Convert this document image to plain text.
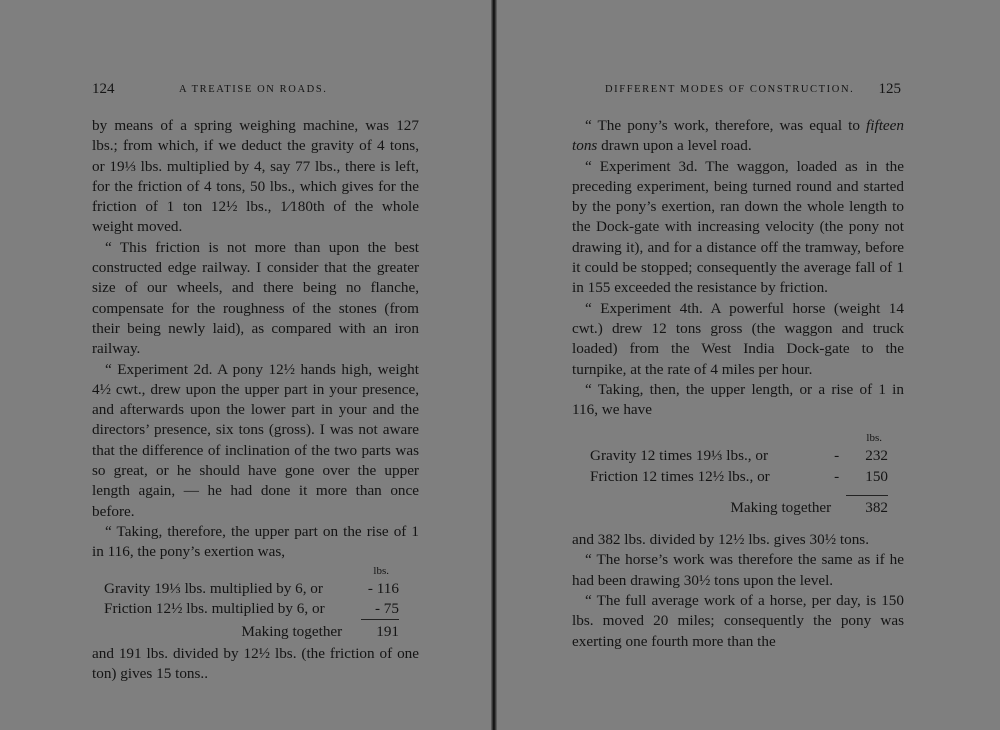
124	A TREATISE ON ROADS.

by means of a spring weighing machine, was 127 lbs.; from which, if we deduct the gravity of 4 tons, or 19⅓ lbs. multiplied by 4, say 77 lbs., there is left, for the friction of 4 tons, 50 lbs., which gives for the friction of 1 ton 12½ lbs., 1⁄180th of the whole weight moved.

“ This friction is not more than upon the best constructed edge railway. I consider that the greater size of our wheels, and there being no flanche, compensate for the roughness of the stones (from their being newly laid), as compared with an iron railway.

“ Experiment 2d. A pony 12½ hands high, weight 4½ cwt., drew upon the upper part in your presence, and afterwards upon the lower part in your and the directors’ presence, six tons (gross). I was not aware that the difference of inclination of the two parts was so great, or he should have gone over the upper length again, — he had done it more than once before.

“ Taking, therefore, the upper part on the rise of 1 in 116, the pony’s exertion was,

lbs.
Gravity 19⅓ lbs. multiplied by 6, or	- 116
Friction 12½ lbs. multiplied by 6, or	- 75
Making together 191

and 191 lbs. divided by 12½ lbs. (the friction of one ton) gives 15 tons..

DIFFERENT MODES OF CONSTRUCTION. 125

“ The pony’s work, therefore, was equal to fifteen tons drawn upon a level road.

“ Experiment 3d. The waggon, loaded as in the preceding experiment, being turned round and started by the pony’s exertion, ran down the whole length to the Dock-gate with increasing velocity (the pony not drawing it), and for a distance off the tramway, before it could be stopped; consequently the average fall of 1 in 155 exceeded the resistance by friction.

“ Experiment 4th. A powerful horse (weight 14 cwt.) drew 12 tons gross (the waggon and truck loaded) from the West India Dock-gate to the turnpike, at the rate of 4 miles per hour.

“ Taking, then, the upper length, or a rise of 1 in 116, we have

lbs.
Gravity 12 times 19⅓ lbs., or	-	232
Friction 12 times 12½ lbs., or	-	150
Making together 382

and 382 lbs. divided by 12½ lbs. gives 30½ tons.

“ The horse’s work was therefore the same as if he had been drawing 30½ tons upon the level.

“ The full average work of a horse, per day, is 150 lbs. moved 20 miles; consequently the pony was exerting one fourth more than the
